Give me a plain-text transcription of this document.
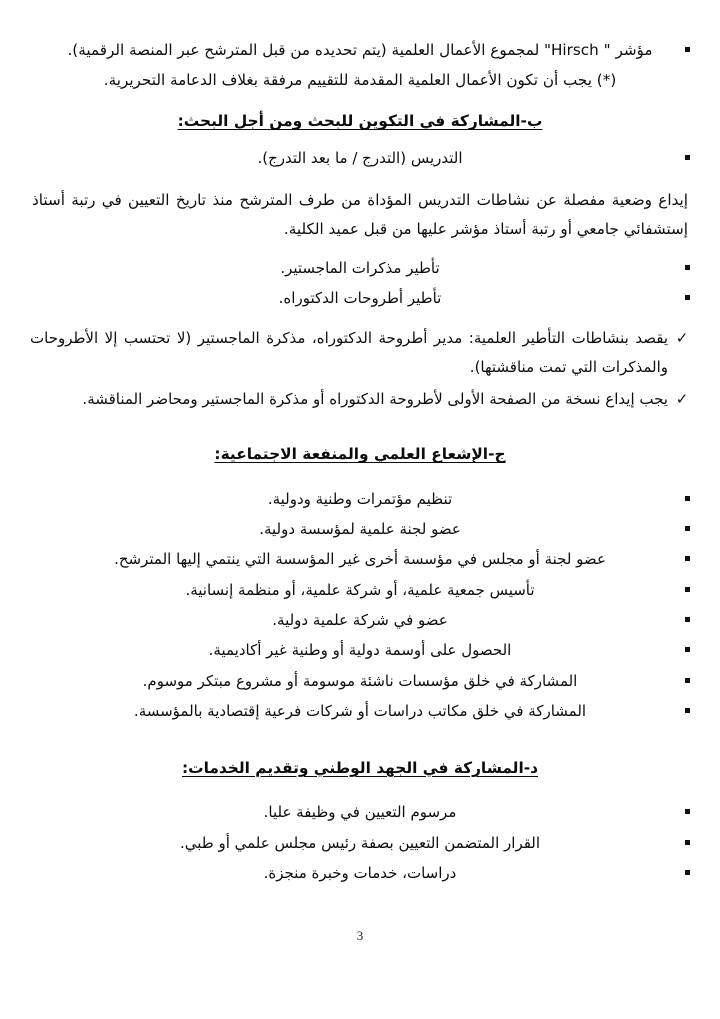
مؤشر " Hirsch" لمجموع الأعمال العلمية (يتم تحديده من قبل المترشح عبر المنصة الرقمية).
(*) يجب أن تكون الأعمال العلمية المقدمة للتقييم مرفقة بغلاف الدعامة التحريرية.
ب-المشاركة في التكوين للبحث ومن أجل البحث:
التدريس (التدرج / ما بعد التدرج).

إيداع وضعية مفصلة عن نشاطات التدريس المؤداة من طرف المترشح منذ تاريخ التعيين في رتبة أستاذ إستشفائي جامعي أو رتبة أستاذ مؤشر عليها من قبل عميد الكلية.

تأطير مذكرات الماجستير.
تأطير أطروحات الدكتوراه.
✓
يقصد بنشاطات التأطير العلمية: مدير أطروحة الدكتوراه، مذكرة الماجستير (لا تحتسب إلا الأطروحات والمذكرات التي تمت مناقشتها).
✓
يجب إيداع نسخة من الصفحة الأولى لأطروحة الدكتوراه أو مذكرة الماجستير ومحاضر المناقشة.
ج-الإشعاع العلمي والمنفعة الاجتماعية:
تنظيم مؤتمرات وطنية ودولية.
عضو لجنة علمية لمؤسسة دولية.
عضو لجنة أو مجلس في مؤسسة أخرى غير المؤسسة التي ينتمي إليها المترشح.
تأسيس جمعية علمية، أو شركة علمية، أو منظمة إنسانية.
عضو في شركة علمية دولية.
الحصول على أوسمة دولية أو وطنية غير أكاديمية.
المشاركة في خلق مؤسسات ناشئة موسومة أو مشروع مبتكر موسوم.
المشاركة في خلق مكاتب دراسات أو شركات فرعية إقتصادية بالمؤسسة.
د-المشاركة في الجهد الوطني وتقديم الخدمات:
مرسوم التعيين في وظيفة عليا.
القرار المتضمن التعيين بصفة رئيس مجلس علمي أو طبي.
دراسات، خدمات وخبرة منجزة.
3
